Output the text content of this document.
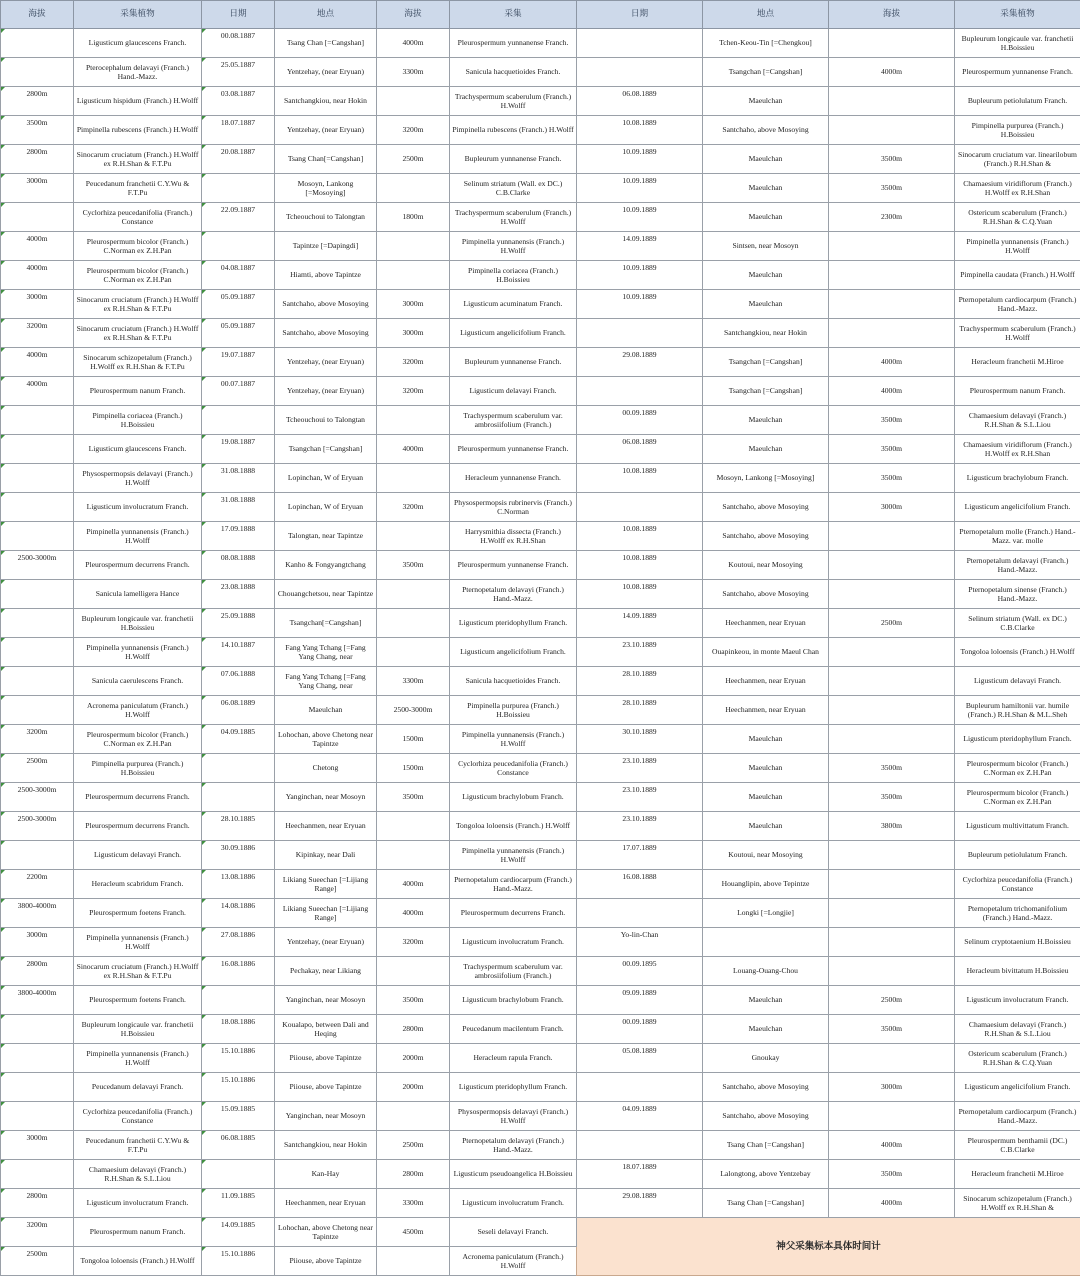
海拔	采集植物	日期	地点	海拔	采集	日期	地点	海拔	采集植物

	Ligusticum glaucescens Franch.	00.08.1887	Tsang Chan [=Cangshan]	4000m	Pleurospermum yunnanense Franch.		Tchen-Keou-Tin [=Chengkou]		Bupleurum longicaule var. franchetii H.Boissieu

	Pterocephalum delavayi (Franch.) Hand.-Mazz.	25.05.1887	Yentzehay, (near Eryuan)	3300m	Sanicula hacquetioides Franch.		Tsangchan [=Cangshan]	4000m	Pleurospermum yunnanense Franch.

2800m	Ligusticum hispidum (Franch.) H.Wolff	03.08.1887	Santchangkiou, near Hokin		Trachyspermum scaberulum (Franch.) H.Wolff	06.08.1889	Maeulchan		Bupleurum petiolulatum Franch.

3500m	Pimpinella rubescens (Franch.) H.Wolff	18.07.1887	Yentzehay, (near Eryuan)	3200m	Pimpinella rubescens (Franch.) H.Wolff	10.08.1889	Santchaho, above Mosoying		Pimpinella purpurea (Franch.) H.Boissieu

2800m	Sinocarum cruciatum (Franch.) H.Wolff ex R.H.Shan & F.T.Pu	20.08.1887	Tsang Chan[=Cangshan]	2500m	Bupleurum yunnanense Franch.	10.09.1889	Maeulchan	3500m	Sinocarum cruciatum var. linearilobum (Franch.) R.H.Shan &

3000m	Peucedanum franchetii C.Y.Wu & F.T.Pu		Mosoyn, Lankong [=Mosoying]		Selinum striatum (Wall. ex DC.) C.B.Clarke	10.09.1889	Maeulchan	3500m	Chamaesium viridiflorum (Franch.) H.Wolff ex R.H.Shan

	Cyclorhiza peucedanifolia (Franch.) Constance	22.09.1887	Tcheouchoui to Talongtan	1800m	Trachyspermum scaberulum (Franch.) H.Wolff	10.09.1889	Maeulchan	2300m	Ostericum scaberulum (Franch.) R.H.Shan & C.Q.Yuan

4000m	Pleurospermum bicolor (Franch.) C.Norman ex Z.H.Pan		Tapintze [=Dapingdi]		Pimpinella yunnanensis (Franch.) H.Wolff	14.09.1889	Sintsen, near Mosoyn		Pimpinella yunnanensis (Franch.) H.Wolff

4000m	Pleurospermum bicolor (Franch.) C.Norman ex Z.H.Pan	04.08.1887	Hiamti, above Tapintze		Pimpinella coriacea (Franch.) H.Boissieu	10.09.1889	Maeulchan		Pimpinella caudata (Franch.) H.Wolff

3000m	Sinocarum cruciatum (Franch.) H.Wolff ex R.H.Shan & F.T.Pu	05.09.1887	Santchaho, above Mosoying	3000m	Ligusticum acuminatum Franch.	10.09.1889	Maeulchan		Pternopetalum cardiocarpum (Franch.) Hand.-Mazz.

3200m	Sinocarum cruciatum (Franch.) H.Wolff ex R.H.Shan & F.T.Pu	05.09.1887	Santchaho, above Mosoying	3000m	Ligusticum angelicifolium Franch.		Santchangkiou, near Hokin		Trachyspermum scaberulum (Franch.) H.Wolff

4000m	Sinocarum schizopetalum (Franch.) H.Wolff ex R.H.Shan & F.T.Pu	19.07.1887	Yentzehay, (near Eryuan)	3200m	Bupleurum yunnanense Franch.	29.08.1889	Tsangchan [=Cangshan]	4000m	Heracleum franchetii M.Hiroe

4000m	Pleurospermum nanum Franch.	00.07.1887	Yentzehay, (near Eryuan)	3200m	Ligusticum delavayi Franch.		Tsangchan [=Cangshan]	4000m	Pleurospermum nanum Franch.

	Pimpinella coriacea (Franch.) H.Boissieu		Tcheouchoui to Talongtan		Trachyspermum scaberulum var. ambrosiifolium (Franch.)	00.09.1889	Maeulchan	3500m	Chamaesium delavayi (Franch.) R.H.Shan & S.L.Liou

	Ligusticum glaucescens Franch.	19.08.1887	Tsangchan [=Cangshan]	4000m	Pleurospermum yunnanense Franch.	06.08.1889	Maeulchan	3500m	Chamaesium viridiflorum (Franch.) H.Wolff ex R.H.Shan

	Physospermopsis delavayi (Franch.) H.Wolff	31.08.1888	Lopinchan, W of Eryuan		Heracleum yunnanense Franch.	10.08.1889	Mosoyn, Lankong [=Mosoying]	3500m	Ligusticum brachylobum Franch.

	Ligusticum involucratum Franch.	31.08.1888	Lopinchan, W of Eryuan	3200m	Physospermopsis rubrinervis (Franch.) C.Norman		Santchaho, above Mosoying	3000m	Ligusticum angelicifolium Franch.

	Pimpinella yunnanensis (Franch.) H.Wolff	17.09.1888	Talongtan, near Tapintze		Harrysmithia dissecta (Franch.) H.Wolff ex R.H.Shan	10.08.1889	Santchaho, above Mosoying		Pternopetalum molle (Franch.) Hand.-Mazz. var. molle

2500-3000m	Pleurospermum decurrens Franch.	08.08.1888	Kanho & Fongyangtchang	3500m	Pleurospermum yunnanense Franch.	10.08.1889	Koutoui, near Mosoying		Pternopetalum delavayi (Franch.) Hand.-Mazz.

	Sanicula lamelligera Hance	23.08.1888	Chouangchetsou, near Tapintze		Pternopetalum delavayi (Franch.) Hand.-Mazz.	10.08.1889	Santchaho, above Mosoying		Pternopetalum sinense (Franch.) Hand.-Mazz.

	Bupleurum longicaule var. franchetii H.Boissieu	25.09.1888	Tsangchan[=Cangshan]		Ligusticum pteridophyllum Franch.	14.09.1889	Heechanmen, near Eryuan	2500m	Selinum striatum (Wall. ex DC.) C.B.Clarke

	Pimpinella yunnanensis (Franch.) H.Wolff	14.10.1887	Fang Yang Tchang [=Fang Yang Chang, near		Ligusticum angelicifolium Franch.	23.10.1889	Ouapinkeou, in monte Maeul Chan		Tongoloa loloensis (Franch.) H.Wolff

	Sanicula caerulescens Franch.	07.06.1888	Fang Yang Tchang [=Fang Yang Chang, near	3300m	Sanicula hacquetioides Franch.	28.10.1889	Heechanmen, near Eryuan		Ligusticum delavayi Franch.

	Acronema paniculatum (Franch.) H.Wolff	06.08.1889	Maeulchan	2500-3000m	Pimpinella purpurea (Franch.) H.Boissieu	28.10.1889	Heechanmen, near Eryuan		Bupleurum hamiltonii var. humile (Franch.) R.H.Shan & M.L.Sheh

3200m	Pleurospermum bicolor (Franch.) C.Norman ex Z.H.Pan	04.09.1885	Lohochan, above Chetong near Tapintze	1500m	Pimpinella yunnanensis (Franch.) H.Wolff	30.10.1889	Maeulchan		Ligusticum pteridophyllum Franch.

2500m	Pimpinella purpurea (Franch.) H.Boissieu		Chetong	1500m	Cyclorhiza peucedanifolia (Franch.) Constance	23.10.1889	Maeulchan	3500m	Pleurospermum bicolor (Franch.) C.Norman ex Z.H.Pan

2500-3000m	Pleurospermum decurrens Franch.		Yanginchan, near Mosoyn	3500m	Ligusticum brachylobum Franch.	23.10.1889	Maeulchan	3500m	Pleurospermum bicolor (Franch.) C.Norman ex Z.H.Pan

2500-3000m	Pleurospermum decurrens Franch.	28.10.1885	Heechanmen, near Eryuan		Tongoloa loloensis (Franch.) H.Wolff	23.10.1889	Maeulchan	3800m	Ligusticum multivittatum Franch.

	Ligusticum delavayi Franch.	30.09.1886	Kipinkay, near Dali		Pimpinella yunnanensis (Franch.) H.Wolff	17.07.1889	Koutoui, near Mosoying		Bupleurum petiolulatum Franch.

2200m	Heracleum scabridum Franch.	13.08.1886	Likiang Sueechan [=Lijiang Range]	4000m	Pternopetalum cardiocarpum (Franch.) Hand.-Mazz.	16.08.1888	Houanglipin, above Tepintze		Cyclorhiza peucedanifolia (Franch.) Constance

3800-4000m	Pleurospermum foetens Franch.	14.08.1886	Likiang Sueechan [=Lijiang Range]	4000m	Pleurospermum decurrens Franch.		Longki [=Longjie]		Pternopetalum trichomanifolium (Franch.) Hand.-Mazz.

3000m	Pimpinella yunnanensis (Franch.) H.Wolff	27.08.1886	Yentzehay, (near Eryuan)	3200m	Ligusticum involucratum Franch.	Yo-lin-Chan			Selinum cryptotaenium H.Boissieu

2800m	Sinocarum cruciatum (Franch.) H.Wolff ex R.H.Shan & F.T.Pu	16.08.1886	Pechakay, near Likiang		Trachyspermum scaberulum var. ambrosiifolium (Franch.)	00.09.1895	Louang-Ouang-Chou		Heracleum bivittatum H.Boissieu

3800-4000m	Pleurospermum foetens Franch.		Yanginchan, near Mosoyn	3500m	Ligusticum brachylobum Franch.	09.09.1889	Maeulchan	2500m	Ligusticum involucratum Franch.

	Bupleurum longicaule var. franchetii H.Boissieu	18.08.1886	Koualapo, between Dali and Heqing	2800m	Peucedanum macilentum Franch.	00.09.1889	Maeulchan	3500m	Chamaesium delavayi (Franch.) R.H.Shan & S.L.Liou

	Pimpinella yunnanensis (Franch.) H.Wolff	15.10.1886	Piiouse, above Tapintze	2000m	Heracleum rapula Franch.	05.08.1889	Gnoukay		Ostericum scaberulum (Franch.) R.H.Shan & C.Q.Yuan

	Peucedanum delavayi Franch.	15.10.1886	Piiouse, above Tapintze	2000m	Ligusticum pteridophyllum Franch.		Santchaho, above Mosoying	3000m	Ligusticum angelicifolium Franch.

	Cyclorhiza peucedanifolia (Franch.) Constance	15.09.1885	Yanginchan, near Mosoyn		Physospermopsis delavayi (Franch.) H.Wolff	04.09.1889	Santchaho, above Mosoying		Pternopetalum cardiocarpum (Franch.) Hand.-Mazz.

3000m	Peucedanum franchetii C.Y.Wu & F.T.Pu	06.08.1885	Santchangkiou, near Hokin	2500m	Pternopetalum delavayi (Franch.) Hand.-Mazz.		Tsang Chan [=Cangshan]	4000m	Pleurospermum benthamii (DC.) C.B.Clarke

	Chamaesium delavayi (Franch.) R.H.Shan & S.L.Liou		Kan-Hay	2800m	Ligusticum pseudoangelica H.Boissieu	18.07.1889	Lalongtong, above Yentzebay	3500m	Heracleum franchetii M.Hiroe

2800m	Ligusticum involucratum Franch.	11.09.1885	Heechanmen, near Eryuan	3300m	Ligusticum involucratum Franch.	29.08.1889	Tsang Chan [=Cangshan]	4000m	Sinocarum schizopetalum (Franch.) H.Wolff ex R.H.Shan &

3200m	Pleurospermum nanum Franch.	14.09.1885	Lohochan, above Chetong near Tapintze	4500m	Seseli delavayi Franch.	神父采集标本具体时间计			

2500m	Tongoloa loloensis (Franch.) H.Wolff	15.10.1886	Piiouse, above Tapintze		Acronema paniculatum (Franch.) H.Wolff				
